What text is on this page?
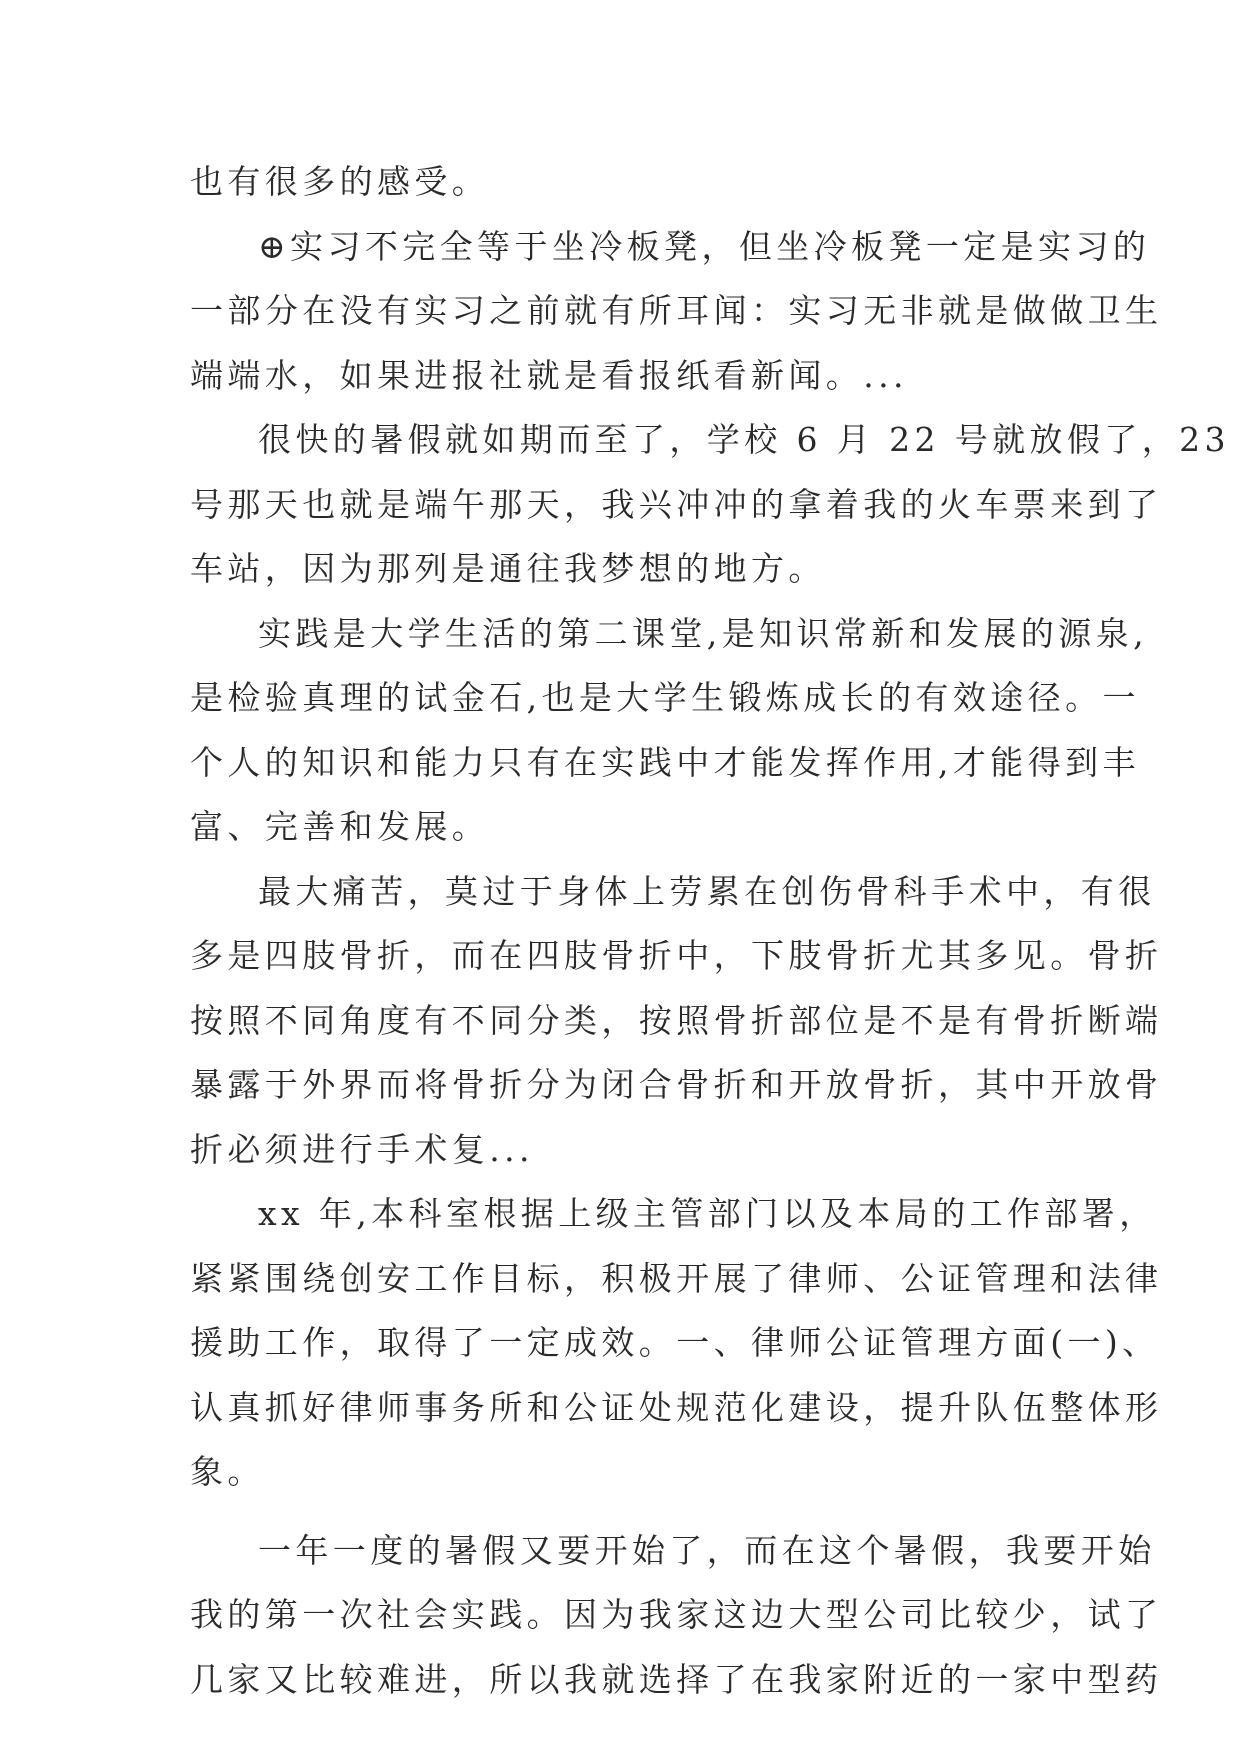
也有很多的感受。
⊕实习不完全等于坐冷板凳，但坐冷板凳一定是实习的
一部分在没有实习之前就有所耳闻：实习无非就是做做卫生
端端水，如果进报社就是看报纸看新闻。...
很快的暑假就如期而至了，学校 6 月 22 号就放假了，23
号那天也就是端午那天，我兴冲冲的拿着我的火车票来到了
车站，因为那列是通往我梦想的地方。
实践是大学生活的第二课堂,是知识常新和发展的源泉,
是检验真理的试金石,也是大学生锻炼成长的有效途径。一
个人的知识和能力只有在实践中才能发挥作用,才能得到丰
富、完善和发展。
最大痛苦，莫过于身体上劳累在创伤骨科手术中，有很
多是四肢骨折，而在四肢骨折中，下肢骨折尤其多见。骨折
按照不同角度有不同分类，按照骨折部位是不是有骨折断端
暴露于外界而将骨折分为闭合骨折和开放骨折，其中开放骨
折必须进行手术复...
xx 年,本科室根据上级主管部门以及本局的工作部署，
紧紧围绕创安工作目标，积极开展了律师、公证管理和法律
援助工作，取得了一定成效。一、律师公证管理方面(一)、
认真抓好律师事务所和公证处规范化建设，提升队伍整体形
象。
一年一度的暑假又要开始了，而在这个暑假，我要开始
我的第一次社会实践。因为我家这边大型公司比较少，试了
几家又比较难进，所以我就选择了在我家附近的一家中型药
